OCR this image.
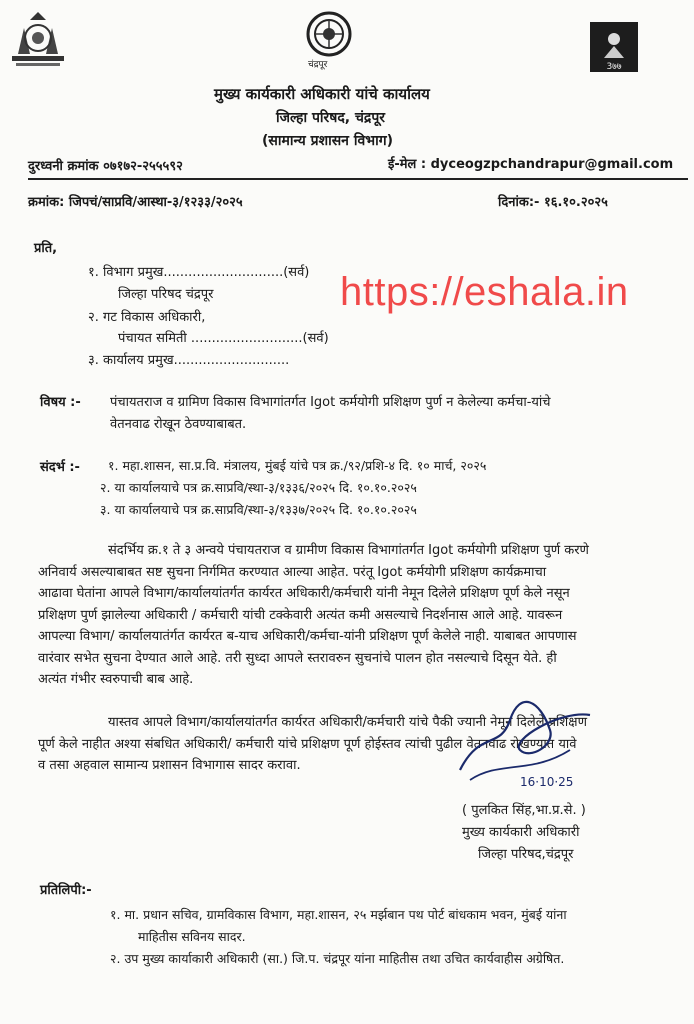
चंद्रपूर	3७७
मुख्य कार्यकारी अधिकारी यांचे कार्यालय
जिल्हा परिषद, चंद्रपूर
(सामान्य प्रशासन विभाग)
दुरध्वनी क्रमांक ०७१७२-२५५५९२	ई-मेल : dyceogzpchandrapur@gmail.com
क्रमांक: जिपचं/साप्रवि/आस्था-३/१२३३/२०२५	दिनांक:- १६.१०.२०२५
प्रति,
१. विभाग प्रमुख.............................(सर्व)
जिल्हा परिषद चंद्रपूर
२. गट विकास अधिकारी,
पंचायत समिती ...........................(सर्व)
३. कार्यालय प्रमुख............................
https://eshala.in
विषय :- पंचायतराज व ग्रामिण विकास विभागांतर्गत Igot कर्मयोगी प्रशिक्षण पुर्ण न केलेल्या कर्मचा-यांचे
वेतनवाढ रोखून ठेवण्याबाबत.
संदर्भ :- १. महा.शासन, सा.प्र.वि. मंत्रालय, मुंबई यांचे पत्र क्र./९२/प्रशि-४ दि. १० मार्च, २०२५
२. या कार्यालयाचे पत्र क्र.साप्रवि/स्था-३/१३३६/२०२५ दि. १०.१०.२०२५
३. या कार्यालयाचे पत्र क्र.साप्रवि/स्था-३/१३३७/२०२५ दि. १०.१०.२०२५
संदर्भिय क्र.१ ते ३ अन्वये पंचायतराज व ग्रामीण विकास विभागांतर्गत Igot कर्मयोगी प्रशिक्षण पुर्ण करणे
अनिवार्य असल्याबाबत सष्ट सुचना निर्गमित करण्यात आल्या आहेत. परंतू Igot कर्मयोगी प्रशिक्षण कार्यक्रमाचा
आढावा घेतांना आपले विभाग/कार्यालयांतर्गत कार्यरत अधिकारी/कर्मचारी यांनी नेमून दिलेले प्रशिक्षण पूर्ण केले नसून
प्रशिक्षण पुर्ण झालेल्या अधिकारी / कर्मचारी यांची टक्केवारी अत्यंत कमी असल्याचे निदर्शनास आले आहे. यावरून
आपल्या विभाग/ कार्यालयातंर्गत कार्यरत ब-याच अधिकारी/कर्मचा-यांनी प्रशिक्षण पूर्ण केलेले नाही. याबाबत आपणास
वारंवार सभेत सुचना देण्यात आले आहे. तरी सुध्दा आपले स्तरावरुन सुचनांचे पालन होत नसल्याचे दिसून येते. ही
अत्यंत गंभीर स्वरुपाची बाब आहे.
यास्तव आपले विभाग/कार्यालयांतर्गत कार्यरत अधिकारी/कर्मचारी यांचे पैकी ज्यानी नेमून दिलेले प्रशिक्षण
पूर्ण केले नाहीत अश्या संबधित अधिकारी/ कर्मचारी यांचे प्रशिक्षण पूर्ण होईस्तव त्यांची पुढील वेतनवाढ रोखण्यात यावे
व तसा अहवाल सामान्य प्रशासन विभागास सादर करावा.
16·10·25
( पुलकित सिंह,भा.प्र.से. )
मुख्य कार्यकारी अधिकारी
जिल्हा परिषद,चंद्रपूर
प्रतिलिपी:-
१. मा. प्रधान सचिव, ग्रामविकास विभाग, महा.शासन, २५ मर्झबान पथ पोर्ट बांधकाम भवन, मुंबई यांना
माहितीस सविनय सादर.
२. उप मुख्य कार्याकारी अधिकारी (सा.) जि.प. चंद्रपूर यांना माहितीस तथा उचित कार्यवाहीस अग्रेषित.
